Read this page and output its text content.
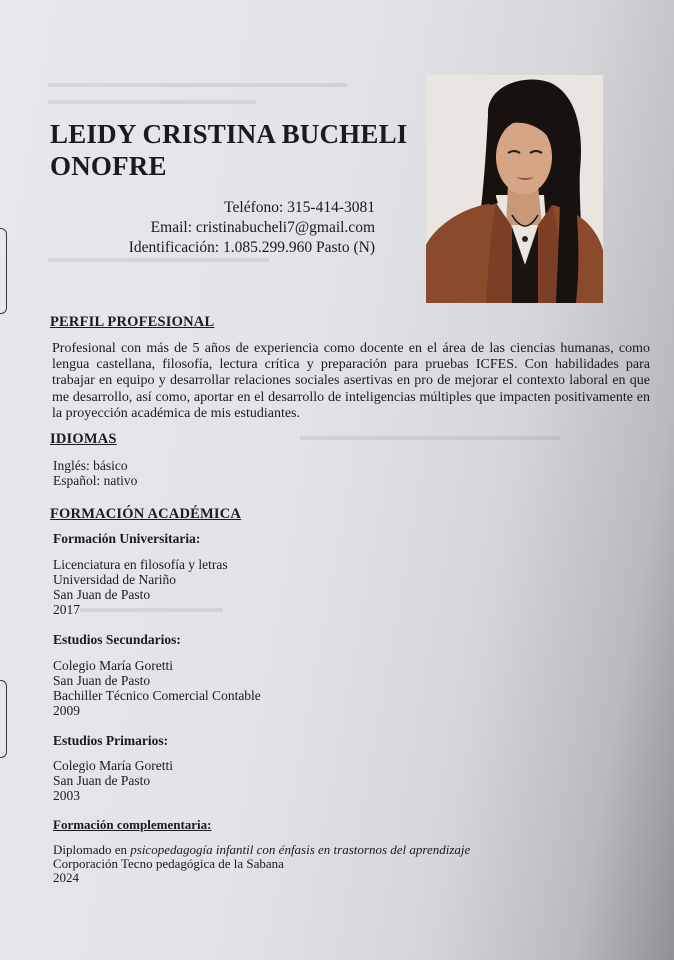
▬▬▬▬▬▬▬▬▬▬▬▬▬▬▬▬▬▬▬▬▬▬▬
▬▬▬▬▬▬▬▬▬▬▬▬▬▬▬▬
▬▬▬▬▬▬▬▬▬▬▬▬▬▬▬▬▬
▬▬▬▬▬▬▬▬▬▬▬▬▬▬▬▬▬▬▬▬
▬▬▬▬▬▬▬▬▬▬▬
LEIDY CRISTINA BUCHELI ONOFRE
Teléfono: 315-414-3081
Email: cristinabucheli7@gmail.com
Identificación: 1.085.299.960 Pasto (N)
PERFIL PROFESIONAL
Profesional con más de 5 años de experiencia como docente en el área de las ciencias humanas, como lengua castellana, filosofía, lectura crítica y preparación para pruebas ICFES. Con habilidades para trabajar en equipo y desarrollar relaciones sociales asertivas en pro de mejorar el contexto laboral en que me desarrollo, así como, aportar en el desarrollo de inteligencias múltiples que impacten positivamente en la proyección académica de mis estudiantes.
IDIOMAS
Inglés: básico
Español: nativo
FORMACIÓN ACADÉMICA
Formación Universitaria:
Licenciatura en filosofía y letras
Universidad de Nariño
San Juan de Pasto
2017
Estudios Secundarios:
Colegio María Goretti
San Juan de Pasto
Bachiller Técnico Comercial Contable
2009
Estudios Primarios:
Colegio María Goretti
San Juan de Pasto
2003
Formación complementaria:
Diplomado en psicopedagogía infantil con énfasis en trastornos del aprendizaje
Corporación Tecno pedagógica de la Sabana
2024
